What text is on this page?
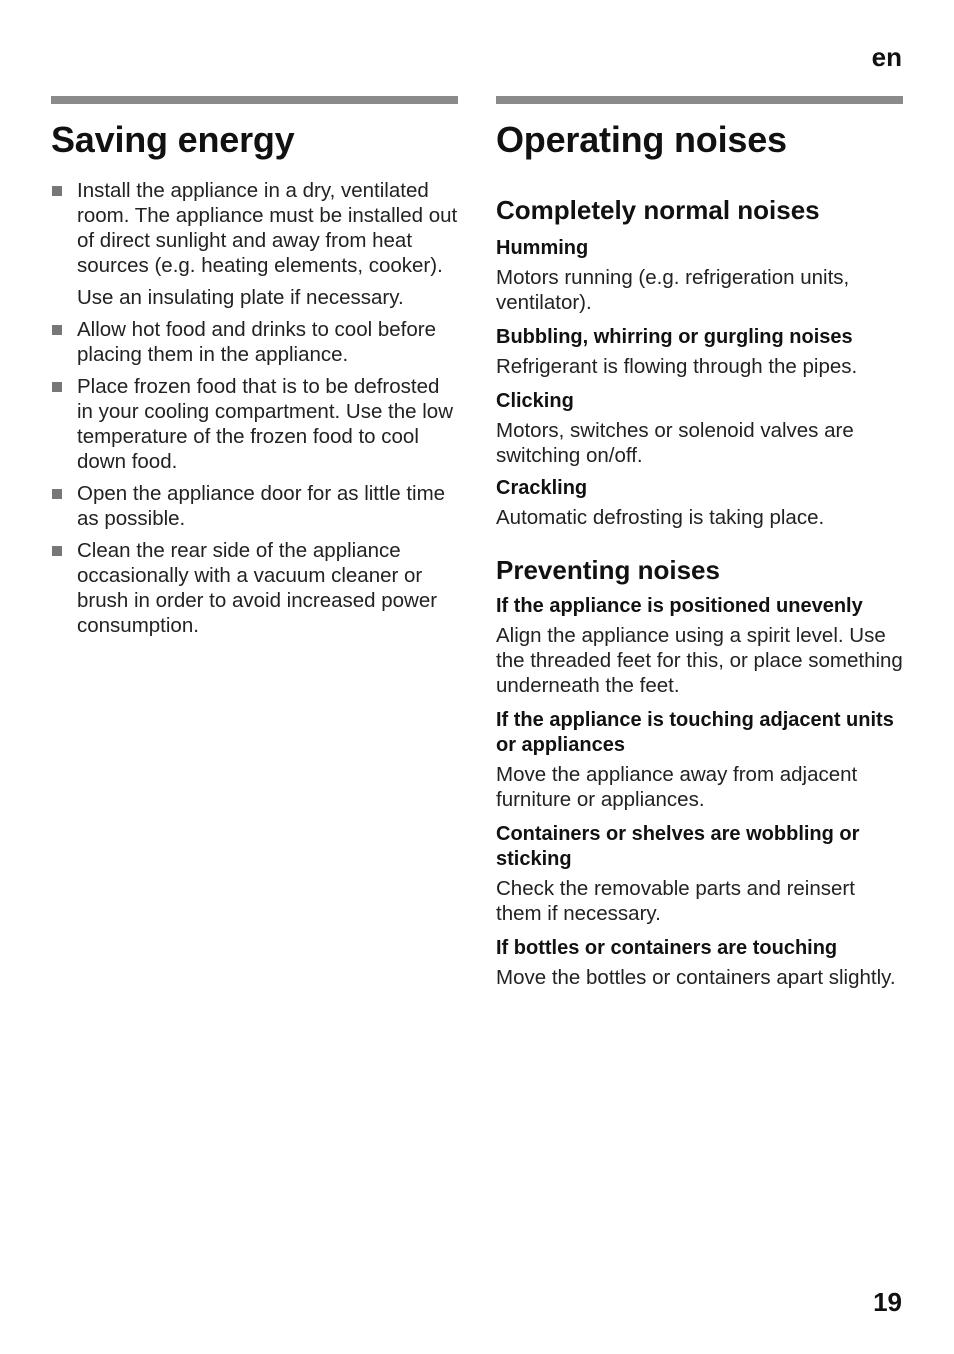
en
Saving energy
Install the appliance in a dry, ventilated room. The appliance must be installed out of direct sunlight and away from heat sources (e.g. heating elements, cooker).
Use an insulating plate if necessary.
Allow hot food and drinks to cool before placing them in the appliance.
Place frozen food that is to be defrosted in your cooling compartment. Use the low temperature of the frozen food to cool down food.
Open the appliance door for as little time as possible.
Clean the rear side of the appliance occasionally with a vacuum cleaner or brush in order to avoid increased power consumption.
Operating noises
Completely normal noises
Humming

Motors running (e.g. refrigeration units, ventilator).

Bubbling, whirring or gurgling noises

Refrigerant is flowing through the pipes.

Clicking

Motors, switches or solenoid valves are switching on/off.

Crackling

Automatic defrosting is taking place.

Preventing noises
If the appliance is positioned unevenly

Align the appliance using a spirit level. Use the threaded feet for this, or place something underneath the feet.

If the appliance is touching adjacent units or appliances

Move the appliance away from adjacent furniture or appliances.

Containers or shelves are wobbling or sticking

Check the removable parts and reinsert them if necessary.

If bottles or containers are touching

Move the bottles or containers apart slightly.

19
